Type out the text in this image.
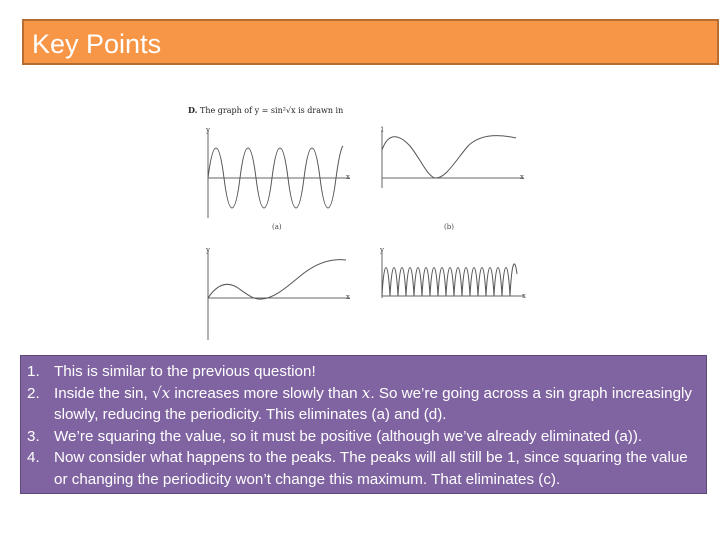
Key Points
D. The graph of y = sin²√x is drawn in
y
x
(a)
1
x
(b)
y
x
y
x
1. This is similar to the previous question!
2. Inside the sin, √x increases more slowly than x. So we’re going across a sin graph increasingly slowly, reducing the periodicity. This eliminates (a) and (d).
3. We’re squaring the value, so it must be positive (although we’ve already eliminated (a)).
4. Now consider what happens to the peaks. The peaks will all still be 1, since squaring the value or changing the periodicity won’t change this maximum. That eliminates (c).
